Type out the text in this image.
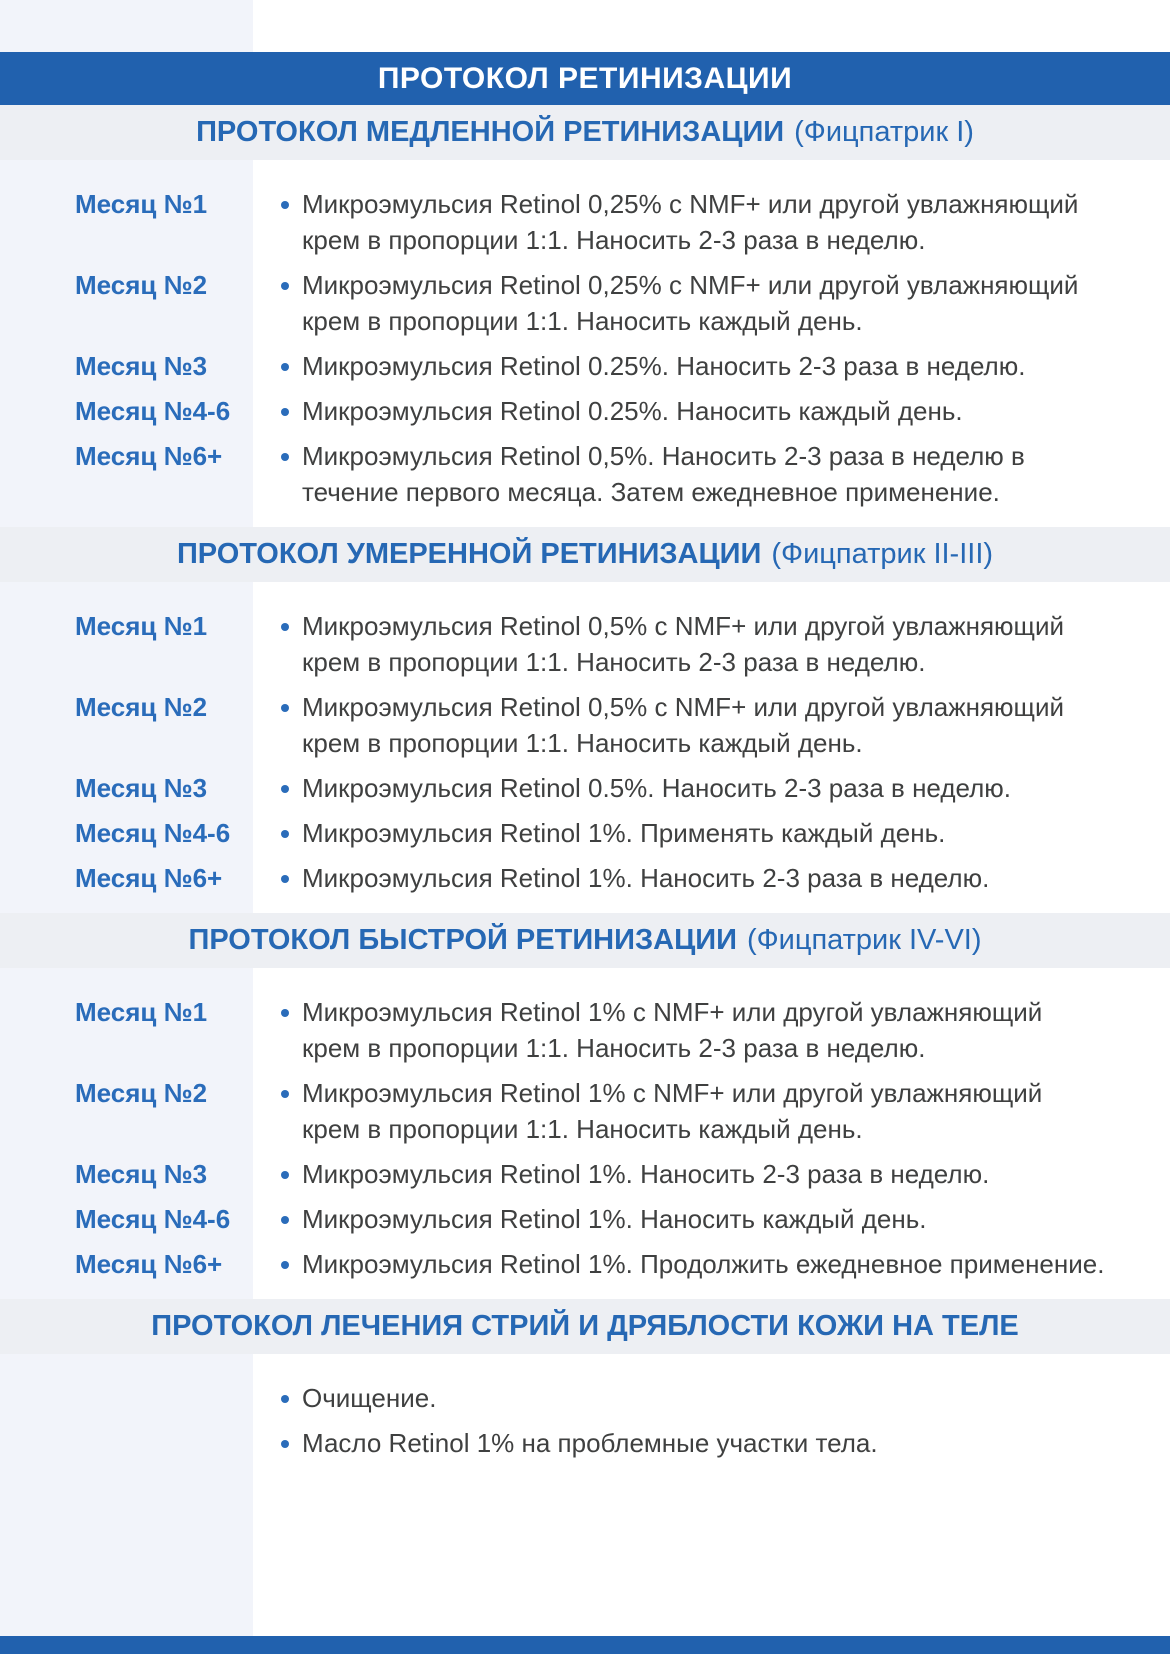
ПРОТОКОЛ РЕТИНИЗАЦИИ
ПРОТОКОЛ МЕДЛЕННОЙ РЕТИНИЗАЦИИ (Фицпатрик I)
Месяц №1	Микроэмульсия Retinol 0,25% с NMF+ или другой увлажняющий крем в пропорции 1:1. Наносить 2-3 раза в неделю.
Месяц №2	Микроэмульсия Retinol 0,25% с NMF+ или другой увлажняющий крем в пропорции 1:1. Наносить каждый день.
Месяц №3	Микроэмульсия Retinol 0.25%. Наносить 2-3 раза в неделю.
Месяц №4-6	Микроэмульсия Retinol 0.25%. Наносить каждый день.
Месяц №6+	Микроэмульсия Retinol 0,5%. Наносить 2-3 раза в неделю в течение первого месяца. Затем ежедневное применение.
ПРОТОКОЛ УМЕРЕННОЙ РЕТИНИЗАЦИИ (Фицпатрик II-III)
Месяц №1	Микроэмульсия Retinol 0,5% с NMF+ или другой увлажняющий крем в пропорции 1:1. Наносить 2-3 раза в неделю.
Месяц №2	Микроэмульсия Retinol 0,5% с NMF+ или другой увлажняющий крем в пропорции 1:1. Наносить каждый день.
Месяц №3	Микроэмульсия Retinol 0.5%. Наносить 2-3 раза в неделю.
Месяц №4-6	Микроэмульсия Retinol 1%. Применять каждый день.
Месяц №6+	Микроэмульсия Retinol 1%. Наносить 2-3 раза в неделю.
ПРОТОКОЛ БЫСТРОЙ РЕТИНИЗАЦИИ (Фицпатрик IV-VI)
Месяц №1	Микроэмульсия Retinol 1% с NMF+ или другой увлажняющий крем в пропорции 1:1. Наносить 2-3 раза в неделю.
Месяц №2	Микроэмульсия Retinol 1% с NMF+ или другой увлажняющий крем в пропорции 1:1. Наносить каждый день.
Месяц №3	Микроэмульсия Retinol 1%. Наносить 2-3 раза в неделю.
Месяц №4-6	Микроэмульсия Retinol 1%. Наносить каждый день.
Месяц №6+	Микроэмульсия Retinol 1%. Продолжить ежедневное применение.
ПРОТОКОЛ ЛЕЧЕНИЯ СТРИЙ И ДРЯБЛОСТИ КОЖИ НА ТЕЛЕ
Очищение.
Масло Retinol 1% на проблемные участки тела.
